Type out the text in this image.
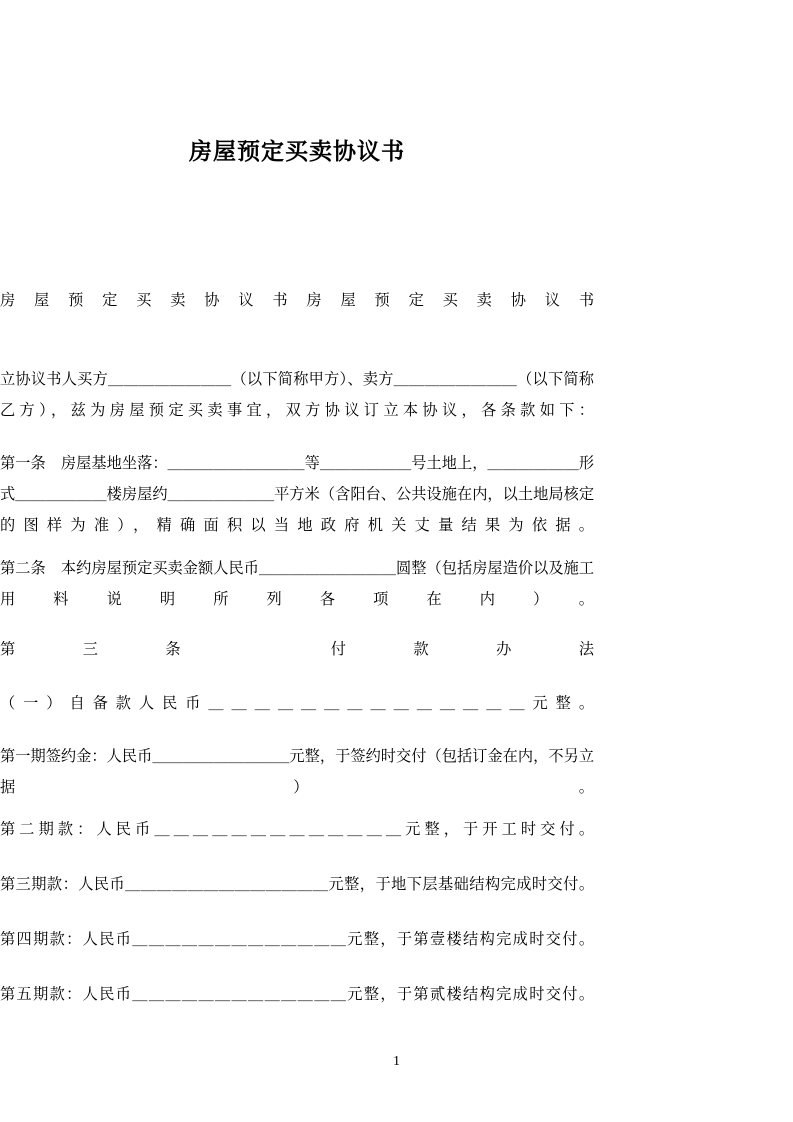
房屋预定买卖协议书

房屋预定买卖协议书房屋预定买卖协议书

立协议书人买方＿＿＿＿＿＿＿＿（以下简称甲方）、卖方＿＿＿＿＿＿＿＿（以下简称乙方），兹为房屋预定买卖事宜，双方协议订立本协议，各条款如下：

第一条　房屋基地坐落：＿＿＿＿＿＿＿＿＿等＿＿＿＿＿＿号土地上，＿＿＿＿＿＿形式＿＿＿＿＿＿楼房屋约＿＿＿＿＿＿＿平方米（含阳台、公共设施在内，以土地局核定的图样为准），精确面积以当地政府机关丈量结果为依据。

第二条　本约房屋预定买卖金额人民币＿＿＿＿＿＿＿＿＿圆整（包括房屋造价以及施工用料说明所列各项在内）。

第三条　付款办法

（一）自备款人民币＿＿＿＿＿＿＿＿＿＿＿＿＿＿元整。

第一期签约金：人民币＿＿＿＿＿＿＿＿＿元整，于签约时交付（包括订金在内，不另立据）。

第二期款：人民币＿＿＿＿＿＿＿＿＿＿＿＿＿元整，于开工时交付。

第三期款：人民币＿＿＿＿＿＿＿＿＿＿＿＿＿元整，于地下层基础结构完成时交付。

第四期款：人民币＿＿＿＿＿＿＿＿＿＿＿＿＿元整，于第壹楼结构完成时交付。

第五期款：人民币＿＿＿＿＿＿＿＿＿＿＿＿＿元整，于第贰楼结构完成时交付。

1
